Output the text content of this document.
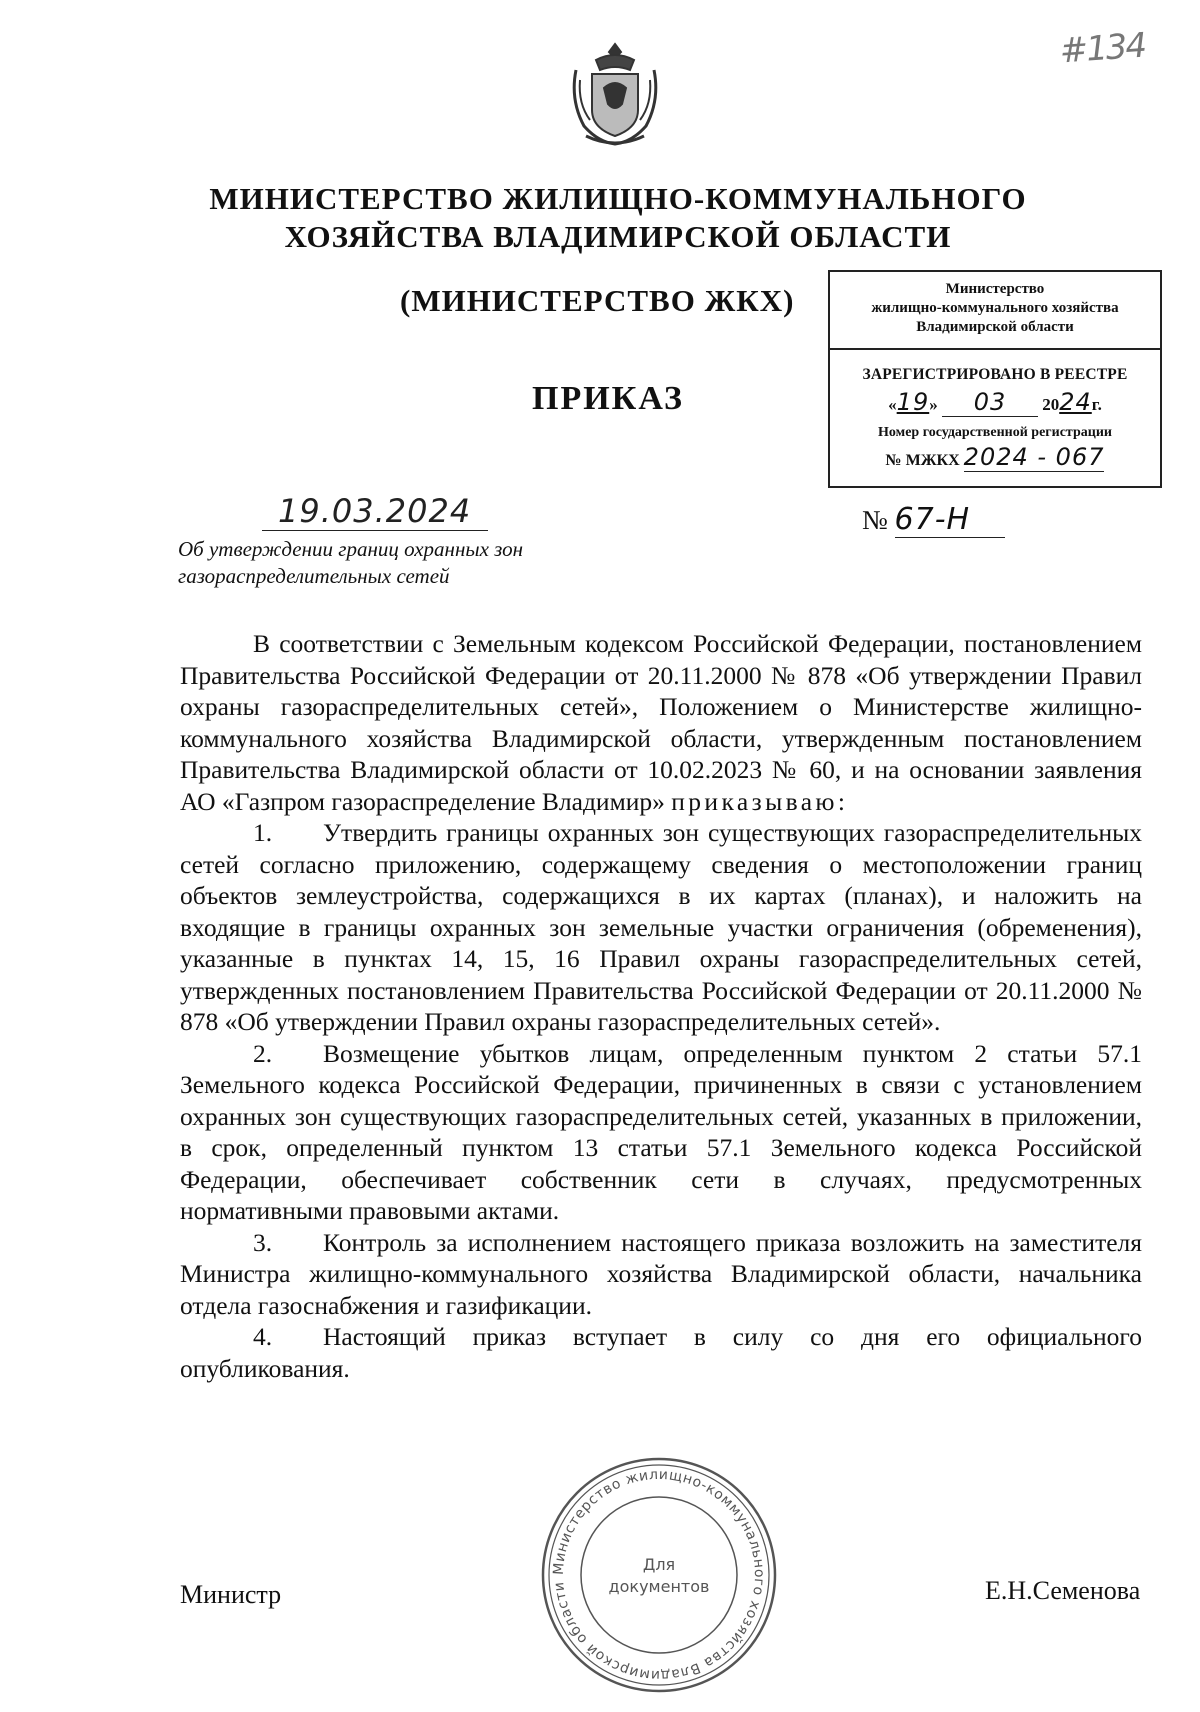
#134
МИНИСТЕРСТВО ЖИЛИЩНО-КОММУНАЛЬНОГО
ХОЗЯЙСТВА ВЛАДИМИРСКОЙ ОБЛАСТИ
(МИНИСТЕРСТВО ЖКХ)
ПРИКАЗ
Министерство
жилищно-коммунального хозяйства
Владимирской области
ЗАРЕГИСТРИРОВАНО В РЕЕСТРЕ
«19» 03 2024г.
Номер государственной регистрации
№ МЖКХ 2024 - 067
19.03.2024	№ 67-Н
Об утверждении границ охранных зон
газораспределительных сетей

В соответствии с Земельным кодексом Российской Федерации, постановлением Правительства Российской Федерации от 20.11.2000 № 878 «Об утверждении Правил охраны газораспределительных сетей», Положением о Министерстве жилищно-коммунального хозяйства Владимирской области, утвержденным постановлением Правительства Владимирской области от 10.02.2023 № 60, и на основании заявления АО «Газпром газораспределение Владимир» приказываю:

1. Утвердить границы охранных зон существующих газораспределительных сетей согласно приложению, содержащему сведения о местоположении границ объектов землеустройства, содержащихся в их картах (планах), и наложить на входящие в границы охранных зон земельные участки ограничения (обременения), указанные в пунктах 14, 15, 16 Правил охраны газораспределительных сетей, утвержденных постановлением Правительства Российской Федерации от 20.11.2000 № 878 «Об утверждении Правил охраны газораспределительных сетей».

2. Возмещение убытков лицам, определенным пунктом 2 статьи 57.1 Земельного кодекса Российской Федерации, причиненных в связи с установлением охранных зон существующих газораспределительных сетей, указанных в приложении, в срок, определенный пунктом 13 статьи 57.1 Земельного кодекса Российской Федерации, обеспечивает собственник сети в случаях, предусмотренных нормативными правовыми актами.

3. Контроль за исполнением настоящего приказа возложить на заместителя Министра жилищно-коммунального хозяйства Владимирской области, начальника отдела газоснабжения и газификации.

4. Настоящий приказ вступает в силу со дня его официального опубликования.

Министр	Е.Н.Семенова
Министерство жилищно-коммунального хозяйства Владимирской области
Для
документов
